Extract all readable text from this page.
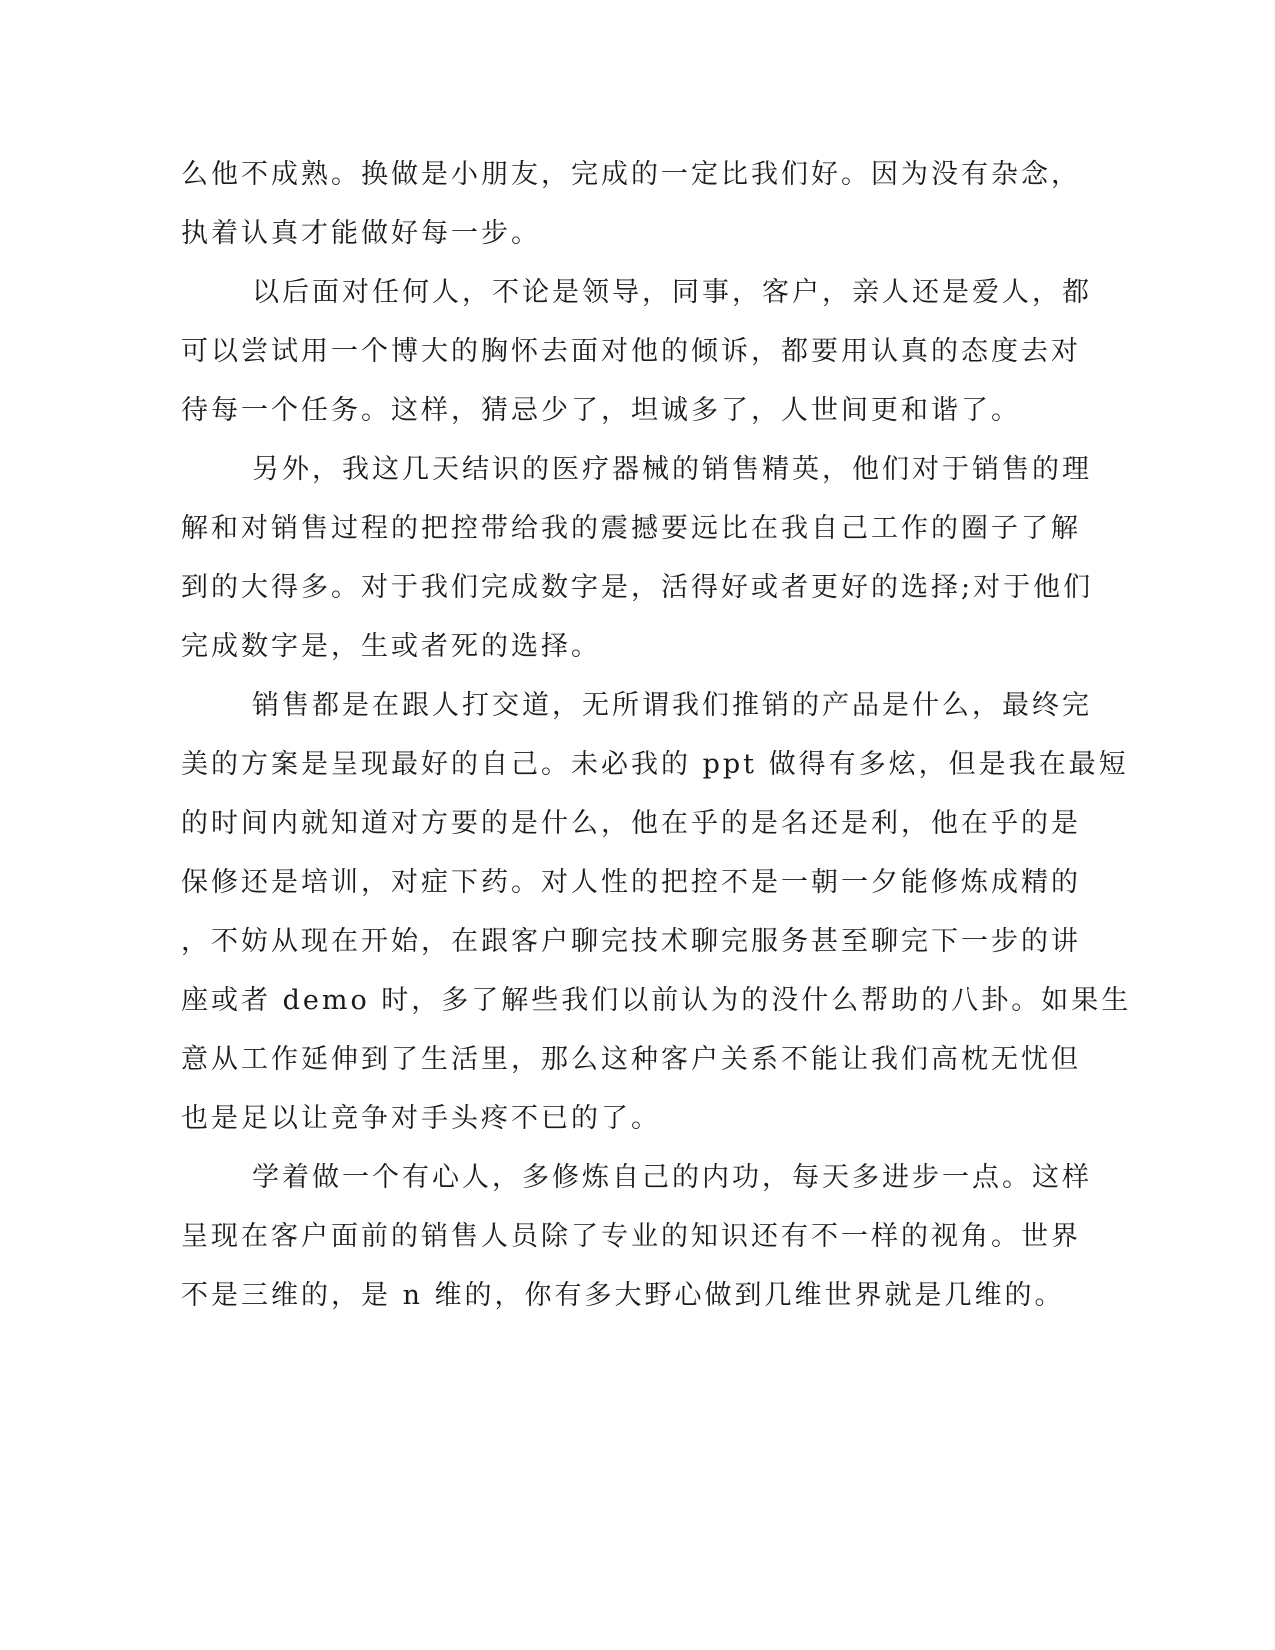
么他不成熟。换做是小朋友，完成的一定比我们好。因为没有杂念，
执着认真才能做好每一步。
以后面对任何人，不论是领导，同事，客户，亲人还是爱人，都
可以尝试用一个博大的胸怀去面对他的倾诉，都要用认真的态度去对
待每一个任务。这样，猜忌少了，坦诚多了，人世间更和谐了。
另外，我这几天结识的医疗器械的销售精英，他们对于销售的理
解和对销售过程的把控带给我的震撼要远比在我自己工作的圈子了解
到的大得多。对于我们完成数字是，活得好或者更好的选择;对于他们
完成数字是，生或者死的选择。
销售都是在跟人打交道，无所谓我们推销的产品是什么，最终完
美的方案是呈现最好的自己。未必我的 ppt 做得有多炫，但是我在最短
的时间内就知道对方要的是什么，他在乎的是名还是利，他在乎的是
保修还是培训，对症下药。对人性的把控不是一朝一夕能修炼成精的
，不妨从现在开始，在跟客户聊完技术聊完服务甚至聊完下一步的讲
座或者 demo 时，多了解些我们以前认为的没什么帮助的八卦。如果生
意从工作延伸到了生活里，那么这种客户关系不能让我们高枕无忧但
也是足以让竞争对手头疼不已的了。
学着做一个有心人，多修炼自己的内功，每天多进步一点。这样
呈现在客户面前的销售人员除了专业的知识还有不一样的视角。世界
不是三维的，是 n 维的，你有多大野心做到几维世界就是几维的。
